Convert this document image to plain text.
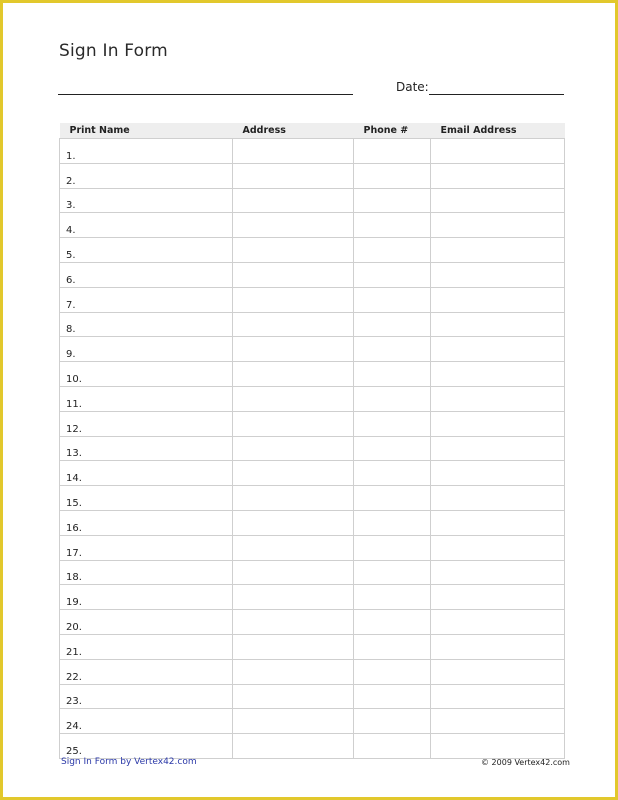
Sign In Form
Date:
Print Name	Address	Phone #	Email Address
1.			
2.			
3.			
4.			
5.			
6.			
7.			
8.			
9.			
10.			
11.			
12.			
13.			
14.			
15.			
16.			
17.			
18.			
19.			
20.			
21.			
22.			
23.			
24.			
25.			
Sign In Form by Vertex42.com	© 2009 Vertex42.com
